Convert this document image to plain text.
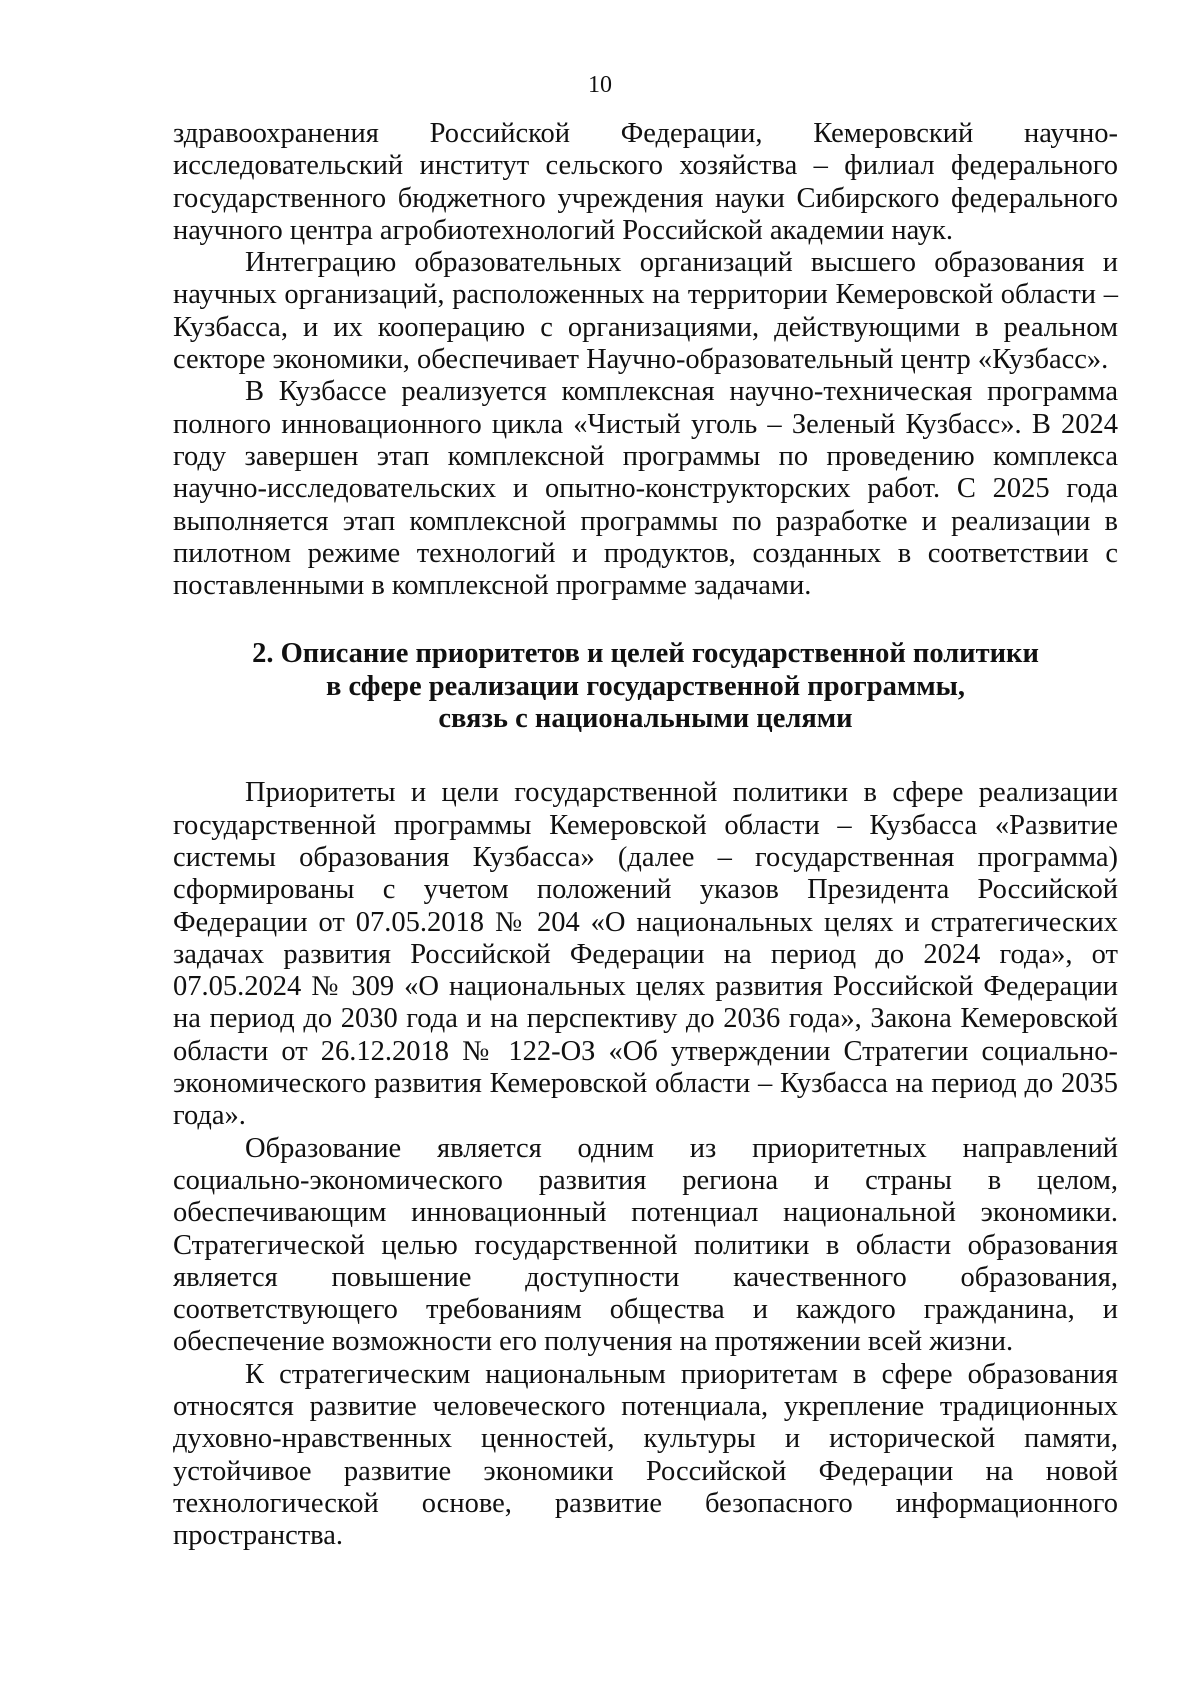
10

здравоохранения Российской Федерации, Кемеровский научно-исследовательский институт сельского хозяйства – филиал федерального государственного бюджетного учреждения науки Сибирского федерального научного центра агробиотехнологий Российской академии наук.

Интеграцию образовательных организаций высшего образования и научных организаций, расположенных на территории Кемеровской области – Кузбасса, и их кооперацию с организациями, действующими в реальном секторе экономики, обеспечивает Научно-образовательный центр «Кузбасс».

В Кузбассе реализуется комплексная научно-техническая программа полного инновационного цикла «Чистый уголь – Зеленый Кузбасс». В 2024 году завершен этап комплексной программы по проведению комплекса научно-исследовательских и опытно-конструкторских работ. С 2025 года выполняется этап комплексной программы по разработке и реализации в пилотном режиме технологий и продуктов, созданных в соответствии с поставленными в комплексной программе задачами.

2. Описание приоритетов и целей государственной политики
в сфере реализации государственной программы,
связь с национальными целями

Приоритеты и цели государственной политики в сфере реализации государственной программы Кемеровской области – Кузбасса «Развитие системы образования Кузбасса» (далее – государственная программа) сформированы с учетом положений указов Президента Российской Федерации от 07.05.2018 № 204 «О национальных целях и стратегических задачах развития Российской Федерации на период до 2024 года», от 07.05.2024 № 309 «О национальных целях развития Российской Федерации на период до 2030 года и на перспективу до 2036 года», Закона Кемеровской области от 26.12.2018 № 122-ОЗ «Об утверждении Стратегии социально-экономического развития Кемеровской области – Кузбасса на период до 2035 года».

Образование является одним из приоритетных направлений социально-экономического развития региона и страны в целом, обеспечивающим инновационный потенциал национальной экономики. Стратегической целью государственной политики в области образования является повышение доступности качественного образования, соответствующего требованиям общества и каждого гражданина, и обеспечение возможности его получения на протяжении всей жизни.

К стратегическим национальным приоритетам в сфере образования относятся развитие человеческого потенциала, укрепление традиционных духовно-нравственных ценностей, культуры и исторической памяти, устойчивое развитие экономики Российской Федерации на новой технологической основе, развитие безопасного информационного пространства.
